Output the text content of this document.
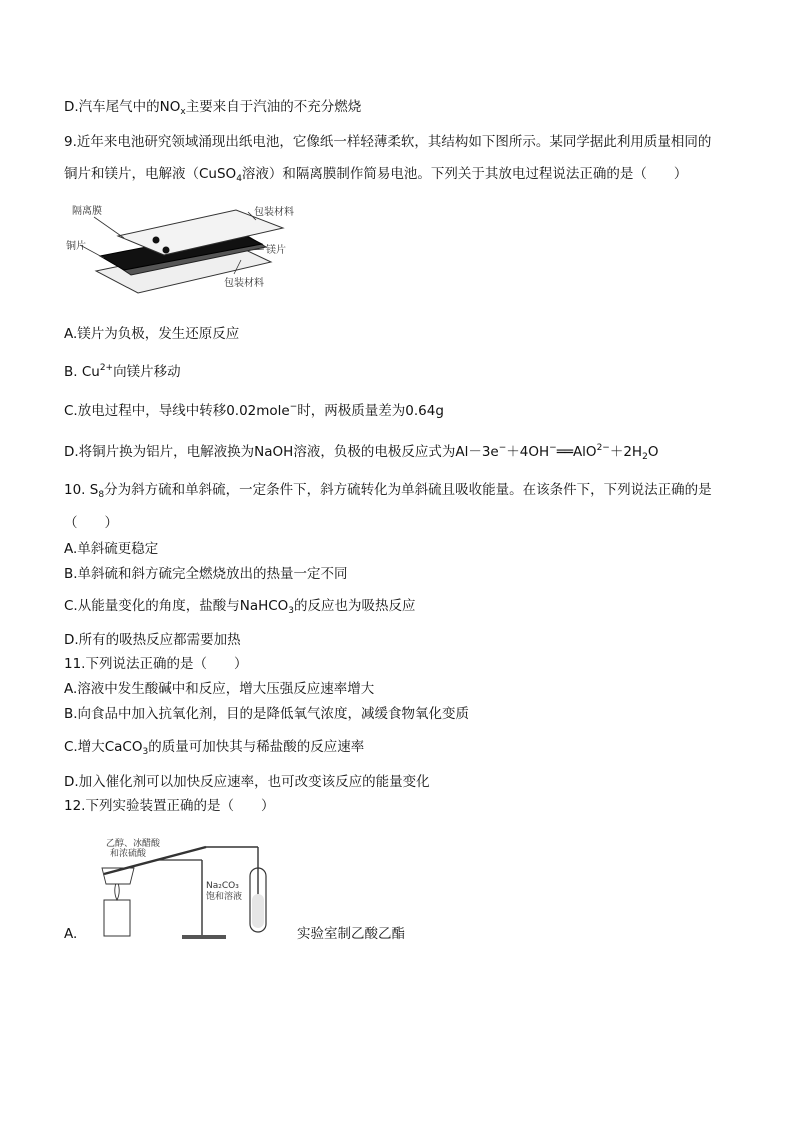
D.汽车尾气中的$NO_x$主要来自于汽油的不充分燃烧
9.近年来电池研究领域涌现出纸电池，它像纸一样轻薄柔软，其结构如下图所示。某同学据此利用质量相同的
铜片和镁片，电解液（CuSO$_4$溶液）和隔离膜制作简易电池。下列关于其放电过程说法正确的是（　　）
隔离膜
铜片
包装材料
镁片
包装材料
A.镁片为负极，发生还原反应
B. $Cu^{2+}$向镁片移动
C.放电过程中，导线中转移0.02mole−时，两极质量差为0.64g
D.将铜片换为铝片，电解液换为NaOH溶液，负极的电极反应式为$Al-3e^-+4OH^-══AlO^{2-}+2H_2O$
10. $S_8$分为斜方硫和单斜硫，一定条件下，斜方硫转化为单斜硫且吸收能量。在该条件下，下列说法正确的是
（　　）
A.单斜硫更稳定
B.单斜硫和斜方硫完全燃烧放出的热量一定不同
C.从能量变化的角度，盐酸与NaHCO$_3$的反应也为吸热反应
D.所有的吸热反应都需要加热
11.下列说法正确的是（　　）
A.溶液中发生酸碱中和反应，增大压强反应速率增大
B.向食品中加入抗氧化剂，目的是降低氧气浓度，减缓食物氧化变质
C.增大CaCO$_3$的质量可加快其与稀盐酸的反应速率
D.加入催化剂可以加快反应速率，也可改变该反应的能量变化
12.下列实验装置正确的是（　　）
乙醇、冰醋酸
和浓硫酸
Na₂CO₃
饱和溶液
A.	实验室制乙酸乙酯
